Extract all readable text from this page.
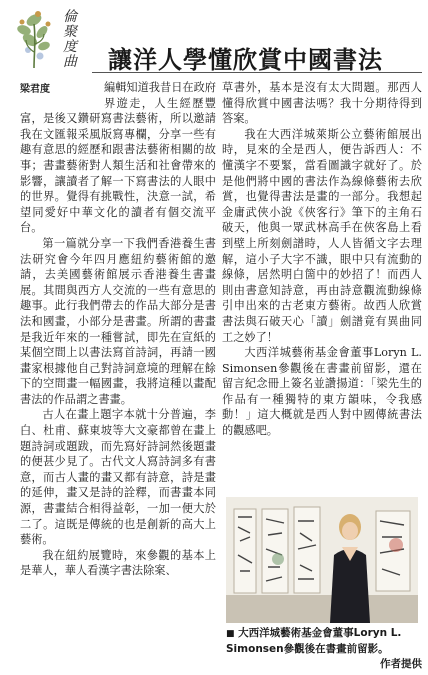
倫
聚
度
曲
梁君度
讓洋人學懂欣賞中國書法

編輯知道我昔日在政府界遊走，人生經歷豐富，是後又鑽研寫書法藝術，所以邀請我在文匯報采風版寫專欄，分享一些有趣有意思的經歷和跟書法藝術相關的故事；書畫藝術對人類生活和社會帶來的影響，讓讀者了解一下寫書法的人眼中的世界。覺得有挑戰性，決意一試，希望同愛好中華文化的讀者有個交流平台。

第一篇就分享一下我們香港養生書法研究會今年四月應紐約藝術館的邀請，去美國藝術館展示香港養生書畫展。其間與西方人交流的一些有意思的趣事。此行我們帶去的作品大部分是書法和國畫，小部分是書畫。所謂的書畫是我近年來的一種嘗試，即先在宣紙的某個空間上以書法寫首詩詞，再請一國畫家根據他自己對詩詞意境的理解在餘下的空間畫一幅國畫，我將這種以畫配書法的作品謂之書畫。

古人在畫上題字本就十分普遍，李白、杜甫、蘇東坡等大文豪都曾在畫上題詩詞或題跋，而先寫好詩詞然後題畫的便甚少見了。古代文人寫詩詞多有書意，而古人畫的畫又都有詩意，詩是畫的延伸，畫又是詩的詮釋，而書畫本同源，書畫結合相得益彰，一加一便大於二了。這既是傳統的也是創新的高大上藝術。

我在紐約展覽時，來參觀的基本上是華人，華人看漢字書法除案、

草書外，基本是沒有太大問題。那西人懂得欣賞中國書法嗎？我十分期待得到答案。

我在大西洋城萊斯公立藝術館展出時，見來的全是西人，便告訴西人：不懂漢字不要緊，當看圖識字就好了。於是他們將中國的書法作為線條藝術去欣賞，也覺得書法是畫的一部分。我想起金庸武俠小說《俠客行》筆下的主角石破天，他與一眾武林高手在俠客島上看到壁上所刻劍譜時，人人皆循文字去理解，這小子大字不識，眼中只有流動的線條，居然明白箇中的妙招了！而西人則由書意知詩意，再由詩意觀流動線條引申出來的古老東方藝術。故西人欣賞書法與石破天心「讀」劍譜竟有異曲同工之妙了！

大西洋城藝術基金會董事Loryn L. Simonsen參觀後在書畫前留影，還在留言紀念冊上簽名並讚揚道：「梁先生的作品有一種獨特的東方韻味，令我感動！」這大概就是西人對中國傳統書法的觀感吧。

■ 大西洋城藝術基金會董事Loryn L. Simonsen參觀後在書畫前留影。
作者提供
